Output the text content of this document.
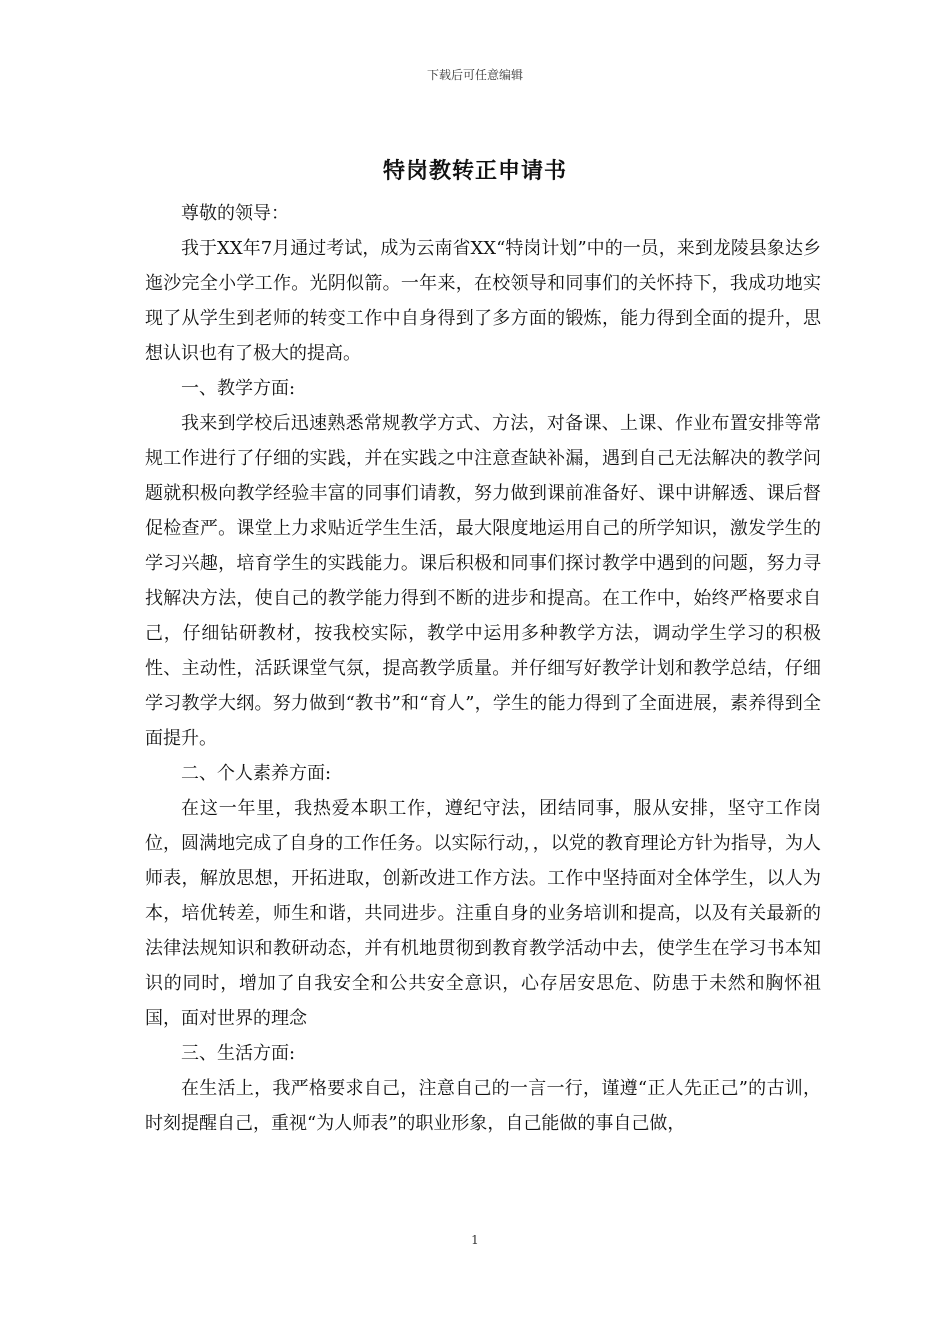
下载后可任意编辑
特岗教转正申请书

尊敬的领导：

我于XX年7月通过考试，成为云南省XX“特岗计划”中的一员，来到龙陵县象达乡迤沙完全小学工作。光阴似箭。一年来，在校领导和同事们的关怀持下，我成功地实现了从学生到老师的转变工作中自身得到了多方面的锻炼，能力得到全面的提升，思想认识也有了极大的提高。

一、教学方面:

我来到学校后迅速熟悉常规教学方式、方法，对备课、上课、作业布置安排等常规工作进行了仔细的实践，并在实践之中注意查缺补漏，遇到自己无法解决的教学问题就积极向教学经验丰富的同事们请教，努力做到课前准备好、课中讲解透、课后督促检查严。课堂上力求贴近学生生活，最大限度地运用自己的所学知识，激发学生的学习兴趣，培育学生的实践能力。课后积极和同事们探讨教学中遇到的问题，努力寻找解决方法，使自己的教学能力得到不断的进步和提高。在工作中，始终严格要求自己，仔细钻研教材，按我校实际，教学中运用多种教学方法，调动学生学习的积极性、主动性，活跃课堂气氛，提高教学质量。并仔细写好教学计划和教学总结，仔细学习教学大纲。努力做到“教书”和“育人”，学生的能力得到了全面进展，素养得到全面提升。

二、个人素养方面:

在这一年里，我热爱本职工作，遵纪守法，团结同事，服从安排，坚守工作岗位，圆满地完成了自身的工作任务。以实际行动，，以党的教育理论方针为指导，为人师表，解放思想，开拓进取，创新改进工作方法。工作中坚持面对全体学生，以人为本，培优转差，师生和谐，共同进步。注重自身的业务培训和提高，以及有关最新的法律法规知识和教研动态，并有机地贯彻到教育教学活动中去，使学生在学习书本知识的同时，增加了自我安全和公共安全意识，心存居安思危、防患于未然和胸怀祖国，面对世界的理念

三、生活方面:

在生活上，我严格要求自己，注意自己的一言一行，谨遵“正人先正己”的古训，时刻提醒自己，重视“为人师表”的职业形象，自己能做的事自己做，

1
